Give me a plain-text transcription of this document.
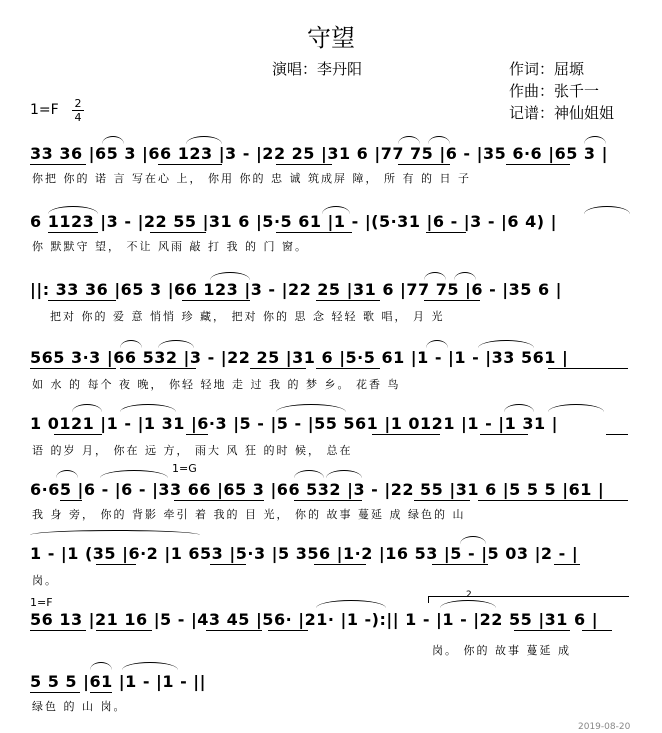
守望
演唱：李丹阳	作词：屈塬
作曲：张千一
记谱：神仙姐姐
1=F 2
4
33 36 |65 3 |66 123 |3 - |22 25 |31 6 |77 75 |6 - |35 6·6 |65 3 |
你把 你的 诺 言 写在心 上， 你用 你的 忠 诚 筑成屏 障， 所 有 的 日 子
6 1123 |3 - |22 55 |31 6 |5·5 61 |1 - |(5·31 |6 - |3 - |6 4) |
你 默默守 望， 不让 风雨 敲 打 我 的 门 窗。
||: 33 36 |65 3 |66 123 |3 - |22 25 |31 6 |77 75 |6 - |35 6 |
把对 你的 爱 意 悄悄 珍 藏， 把对 你的 思 念 轻轻 歌 唱， 月 光
565 3·3 |66 532 |3 - |22 25 |31 6 |5·5 61 |1 - |1 - |33 561 |
如 水 的 每个 夜 晚， 你轻 轻地 走 过 我 的 梦 乡。 花香 鸟
1 0121 |1 - |1 31 |6·3 |5 - |5 - |55 561 |1 0121 |1 - |1 31 |
语 的岁 月， 你在 远 方， 雨大 风 狂 的时 候， 总在
1=G
6·65 |6 - |6 - |33 66 |65 3 |66 532 |3 - |22 55 |31 6 |5 5 5 |61 |
我 身 旁， 你的 背影 牵引 着 我的 目 光， 你的 故事 蔓延 成 绿色的 山
1 - |1 (35 |6·2 |1 653 |5·3 |5 356 |1·2 |16 53 |5 - |5 03 |2 - |
岗。
1=F
2
56 13 |21 16 |5 - |43 45 |56· |21· |1 -):|| 1 - |1 - |22 55 |31 6 |
岗。 你的 故事 蔓延 成
5 5 5 |61 |1 - |1 - ||
绿色 的 山 岗。
2019-08-20
